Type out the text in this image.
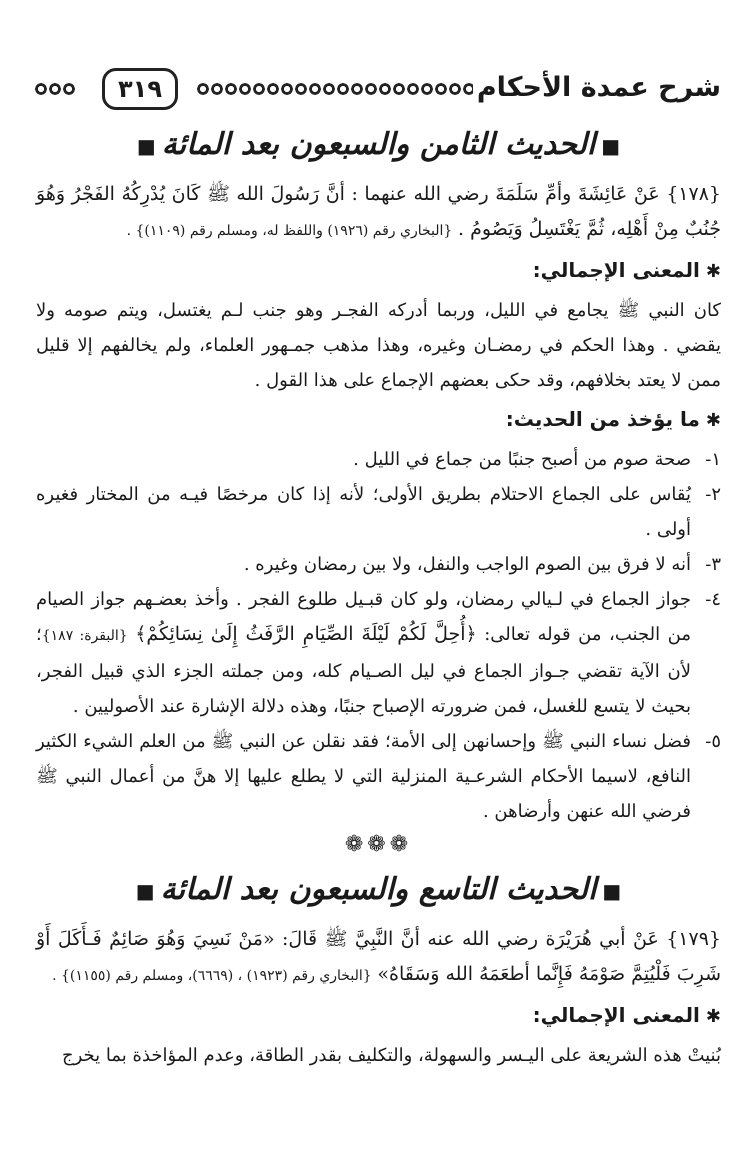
٣١٩	شرح عمدة الأحكام
■الحديث الثامن والسبعون بعد المائة■

{١٧٨} عَنْ عَائِشَةَ وأمِّ سَلَمَةَ رضي الله عنهما : أنَّ رَسُولَ الله ﷺ كَانَ يُدْرِكُهُ الفَجْرُ وَهُوَ جُنُبٌ مِنْ أَهْلِه، ثُمَّ يَغْتَسِلُ وَيَصُومُ . {البخاري رقم (١٩٢٦) واللفظ له، ومسلم رقم (١١٠٩)} .

✱المعنى الإجمالي:

كان النبي ﷺ يجامع في الليل، وربما أدركه الفجـر وهو جنب لـم يغتسل، ويتم صومه ولا يقضي . وهذا الحكم في رمضـان وغيره، وهذا مذهب جمـهور العلماء، ولم يخالفهم إلا قليل ممن لا يعتد بخلافهم، وقد حكى بعضهم الإجماع على هذا القول .

✱ما يؤخذ من الحديث:
١-
صحة صوم من أصبح جنبًا من جماع في الليل .
٢-
يُقاس على الجماع الاحتلام بطريق الأولى؛ لأنه إذا كان مرخصًا فيـه من المختار فغيره أولى .
٣-
أنه لا فرق بين الصوم الواجب والنفل، ولا بين رمضان وغيره .
٤-
جواز الجماع في لـيالي رمضان، ولو كان قبـيل طلوع الفجر . وأخذ بعضـهم جواز الصيام من الجنب، من قوله تعالى: ﴿أُحِلَّ لَكُمْ لَيْلَةَ الصِّيَامِ الرَّفَثُ إِلَىٰ نِسَائِكُمْ﴾ {البقرة: ١٨٧}؛ لأن الآية تقضي جـواز الجماع في ليل الصـيام كله، ومن جملته الجزء الذي قبيل الفجر، بحيث لا يتسع للغسل، فمن ضرورته الإصباح جنبًا، وهذه دلالة الإشارة عند الأصوليين .
٥-
فضل نساء النبي ﷺ وإحسانهن إلى الأمة؛ فقد نقلن عن النبي ﷺ من العلم الشيء الكثير النافع، لاسيما الأحكام الشرعـية المنزلية التي لا يطلع عليها إلا هنَّ من أعمال النبي ﷺ فرضي الله عنهن وأرضاهن .
❁❁❁
■الحديث التاسع والسبعون بعد المائة■

{١٧٩} عَنْ أبي هُرَيْرَة رضي الله عنه أنَّ النَّبِيَّ ﷺ قَالَ: «مَنْ نَسِيَ وَهُوَ صَائِمٌ فَـأَكَلَ أَوْ شَرِبَ فَلْيُتِمَّ صَوْمَهُ فَإِنَّما أطعَمَهُ الله وَسَقَاهُ» {البخاري رقم (١٩٢٣) ، (٦٦٦٩)، ومسلم رقم (١١٥٥)} .

✱المعنى الإجمالي:

بُنيتْ هذه الشريعة على اليـسر والسهولة، والتكليف بقدر الطاقة، وعدم المؤاخذة بما يخرج
